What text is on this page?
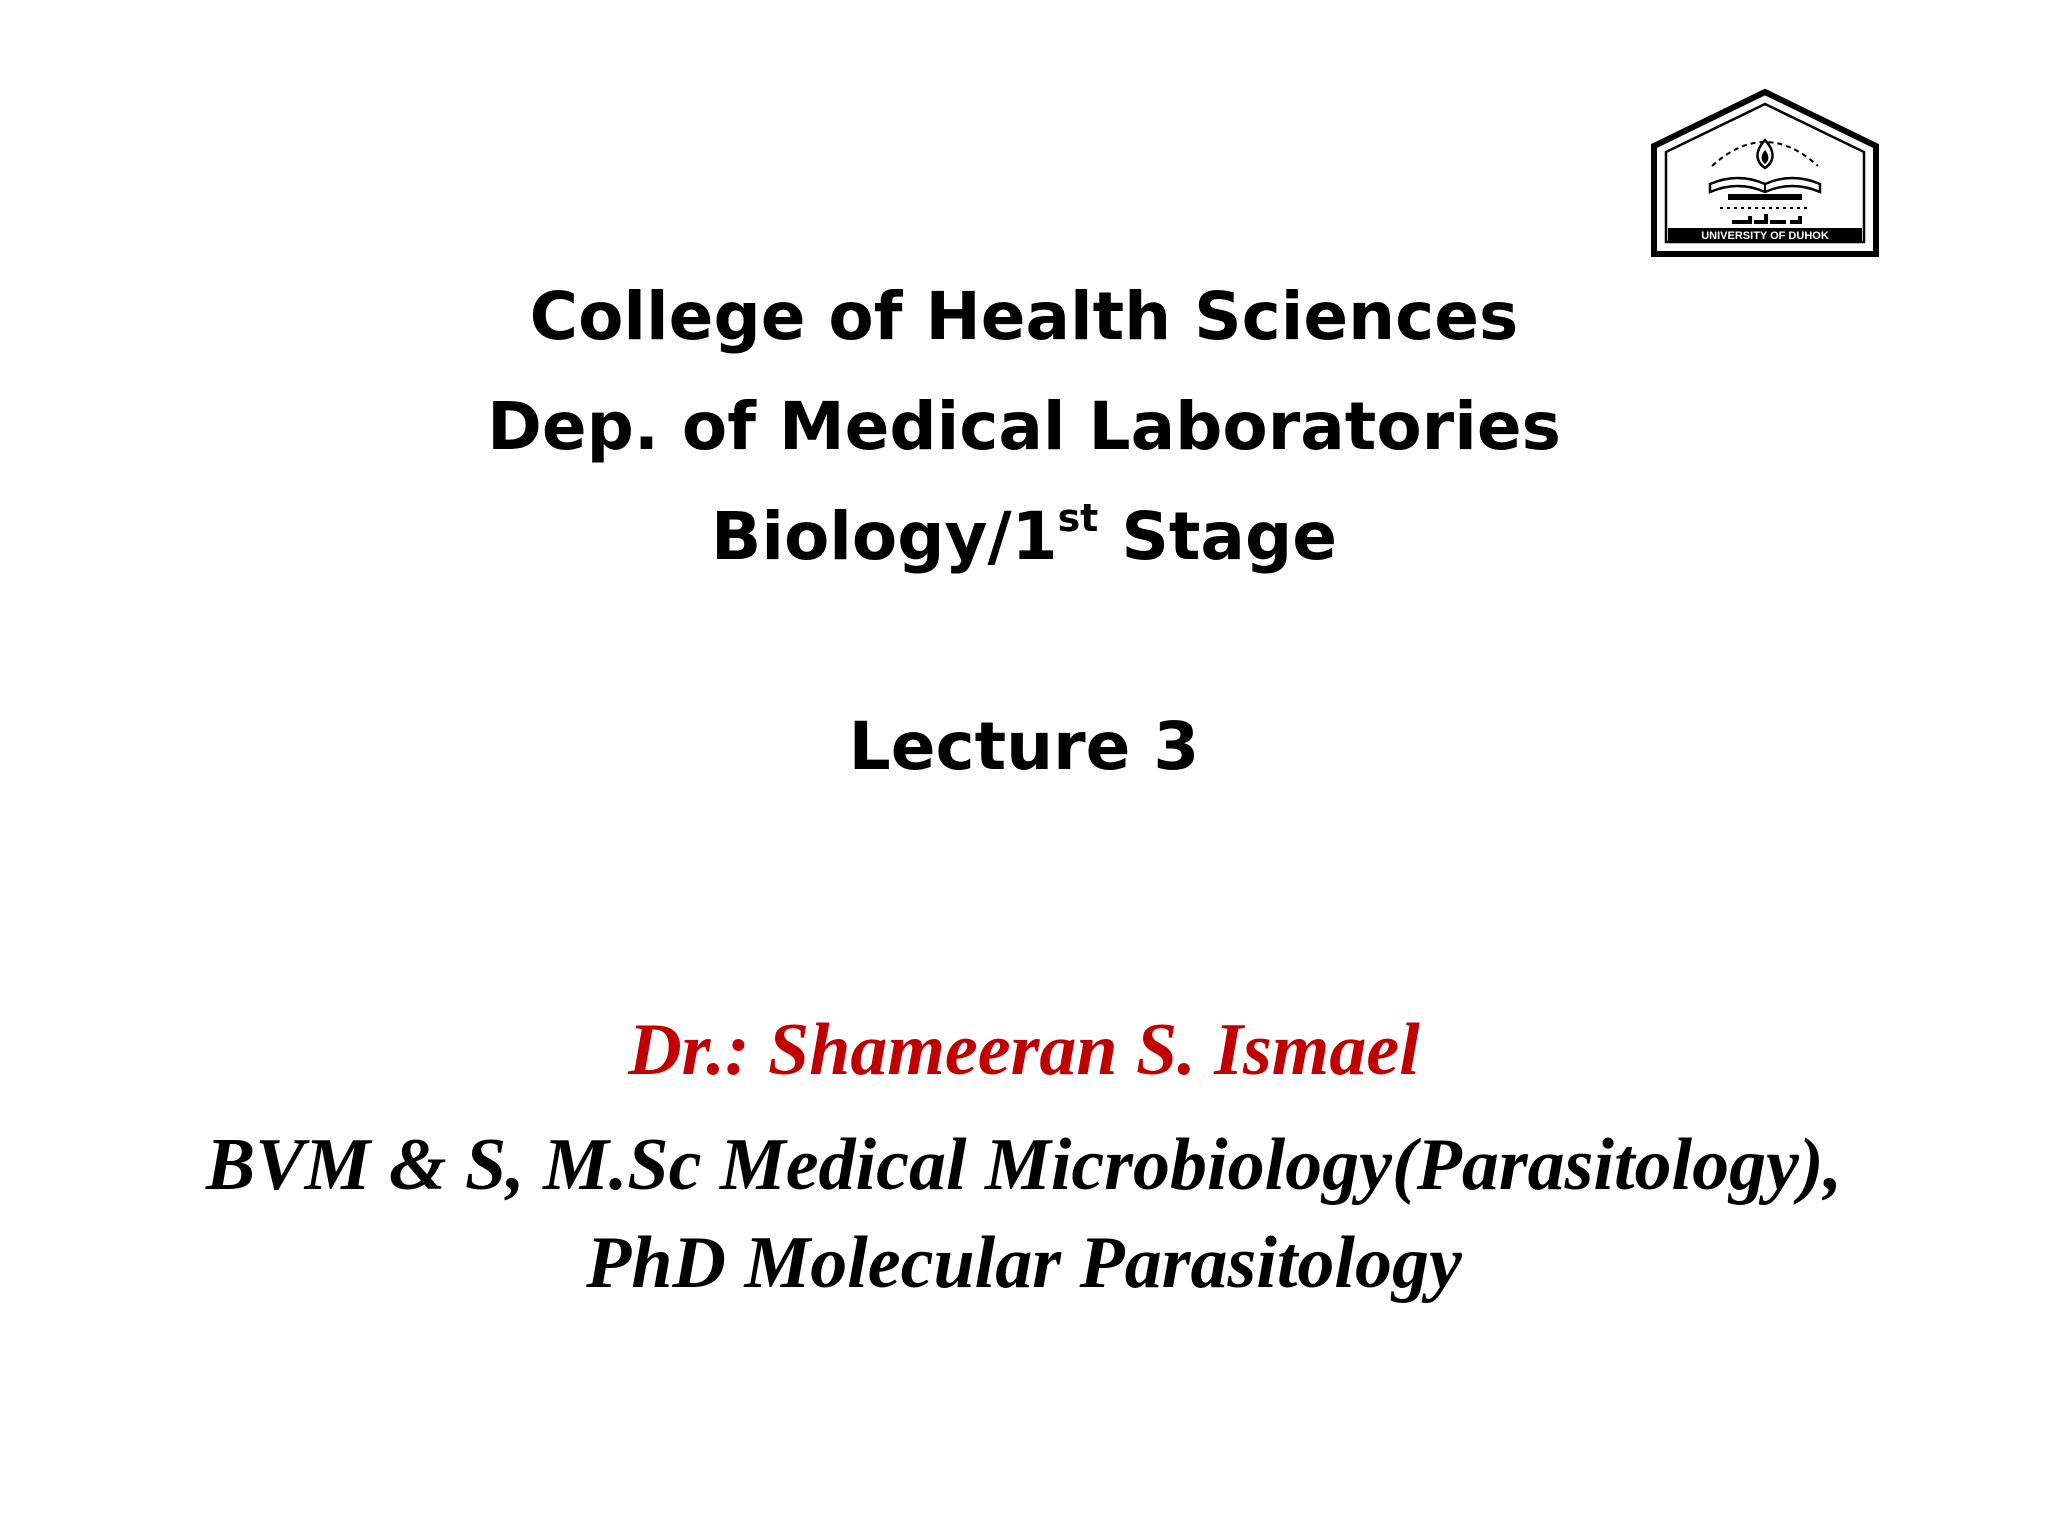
UNIVERSITY OF DUHOK
College of Health Sciences
Dep. of Medical Laboratories
Biology/1st Stage
Lecture 3
Dr.: Shameeran S. Ismael
BVM & S, M.Sc Medical Microbiology(Parasitology),
PhD Molecular Parasitology
